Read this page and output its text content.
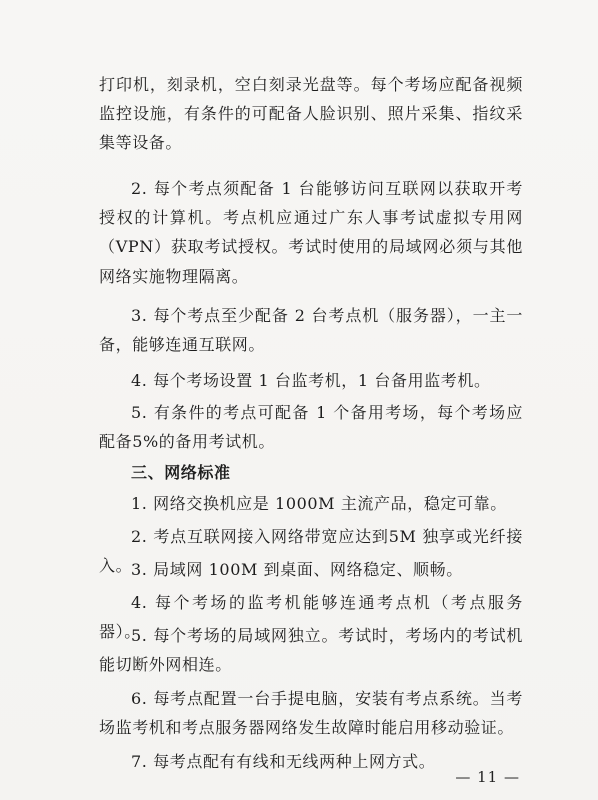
打印机，刻录机，空白刻录光盘等。每个考场应配备视频监控设施，有条件的可配备人脸识别、照片采集、指纹采集等设备。
2. 每个考点须配备 1 台能够访问互联网以获取开考授权的计算机。考点机应通过广东人事考试虚拟专用网（VPN）获取考试授权。考试时使用的局域网必须与其他网络实施物理隔离。
3. 每个考点至少配备 2 台考点机（服务器），一主一备，能够连通互联网。
4. 每个考场设置 1 台监考机，1 台备用监考机。
5. 有条件的考点可配备 1 个备用考场，每个考场应配备5%的备用考试机。
三、网络标准
1. 网络交换机应是 1000M 主流产品，稳定可靠。
2. 考点互联网接入网络带宽应达到5M 独享或光纤接入。
3. 局域网 100M 到桌面、网络稳定、顺畅。
4. 每个考场的监考机能够连通考点机（考点服务器）。
5. 每个考场的局域网独立。考试时，考场内的考试机能切断外网相连。
6. 每考点配置一台手提电脑，安装有考点系统。当考场监考机和考点服务器网络发生故障时能启用移动验证。
7. 每考点配有有线和无线两种上网方式。
— 11 —
